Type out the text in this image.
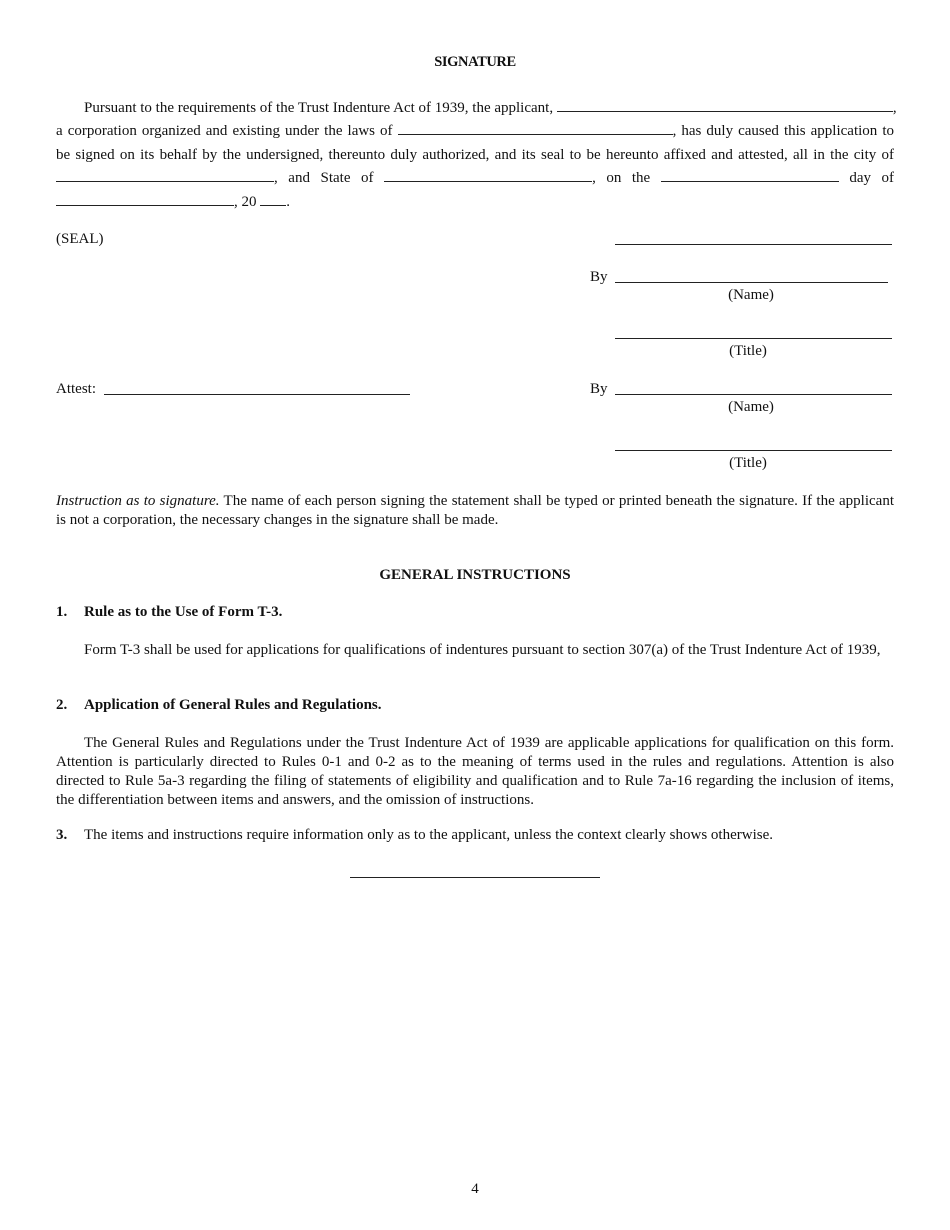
SIGNATURE
Pursuant to the requirements of the Trust Indenture Act of 1939, the applicant,	,
a corporation organized and existing under the laws of	, has duly caused this application to
be signed on its behalf by the undersigned, thereunto duly authorized, and its seal to be hereunto affixed and attested, all in the city of
, and State of	, on the	day of
, 20 .
(SEAL)
By
(Name)
(Title)
Attest:	By
(Name)
(Title)
Instruction as to signature. The name of each person signing the statement shall be typed or printed beneath the signature. If the applicant is not a corporation, the necessary changes in the signature shall be made.
GENERAL INSTRUCTIONS
1. Rule as to the Use of Form T-3.
Form T-3 shall be used for applications for qualifications of indentures pursuant to section 307(a) of the Trust Indenture Act of 1939,
2. Application of General Rules and Regulations.
The General Rules and Regulations under the Trust Indenture Act of 1939 are applicable applications for qualification on this form. Attention is particularly directed to Rules 0-1 and 0-2 as to the meaning of terms used in the rules and regulations. Attention is also directed to Rule 5a-3 regarding the filing of statements of eligibility and qualification and to Rule 7a-16 regarding the inclusion of items, the differentiation between items and answers, and the omission of instructions.
3. The items and instructions require information only as to the applicant, unless the context clearly shows otherwise.
4
